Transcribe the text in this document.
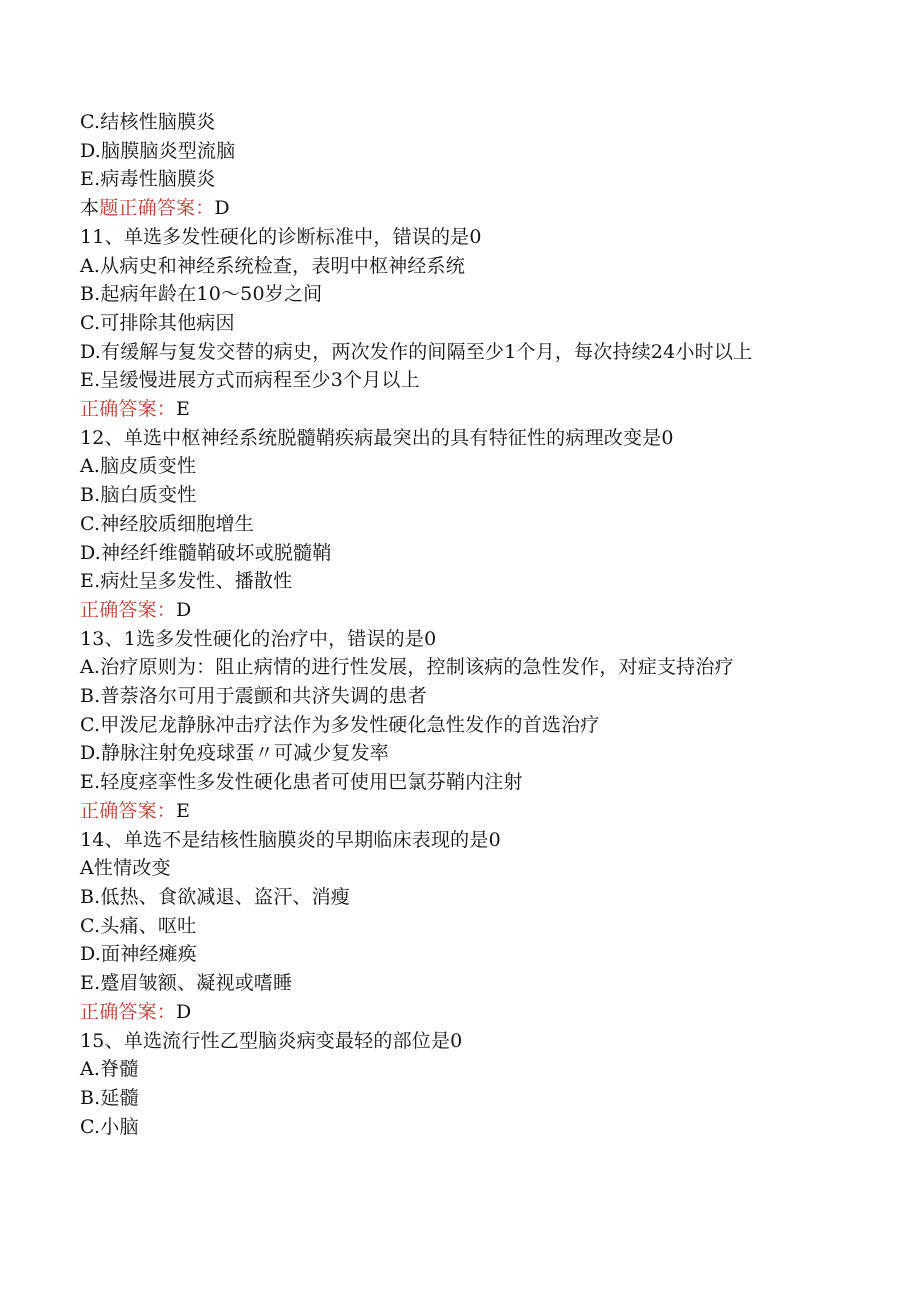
C.结核性脑膜炎
D.脑膜脑炎型流脑
E.病毒性脑膜炎
本题正确答案：D
11、单选多发性硬化的诊断标准中，错误的是0
A.从病史和神经系统检查，表明中枢神经系统
B.起病年龄在10～50岁之间
C.可排除其他病因
D.有缓解与复发交替的病史，两次发作的间隔至少1个月，每次持续24小时以上
E.呈缓慢进展方式而病程至少3个月以上
正确答案：E
12、单选中枢神经系统脱髓鞘疾病最突出的具有特征性的病理改变是0
A.脑皮质变性
B.脑白质变性
C.神经胶质细胞增生
D.神经纤维髓鞘破坏或脱髓鞘
E.病灶呈多发性、播散性
正确答案：D
13、1选多发性硬化的治疗中，错误的是0
A.治疗原则为：阻止病情的进行性发展，控制该病的急性发作，对症支持治疗
B.普萘洛尔可用于震颤和共济失调的患者
C.甲泼尼龙静脉冲击疗法作为多发性硬化急性发作的首选治疗
D.静脉注射免疫球蛋〃可减少复发率
E.轻度痉挛性多发性硬化患者可使用巴氯芬鞘内注射
正确答案：E
14、单选不是结核性脑膜炎的早期临床表现的是0
A性情改变
B.低热、食欲减退、盗汗、消瘦
C.头痛、呕吐
D.面神经瘫痪
E.蹙眉皱额、凝视或嗜睡
正确答案：D
15、单选流行性乙型脑炎病变最轻的部位是0
A.脊髓
B.延髓
C.小脑
